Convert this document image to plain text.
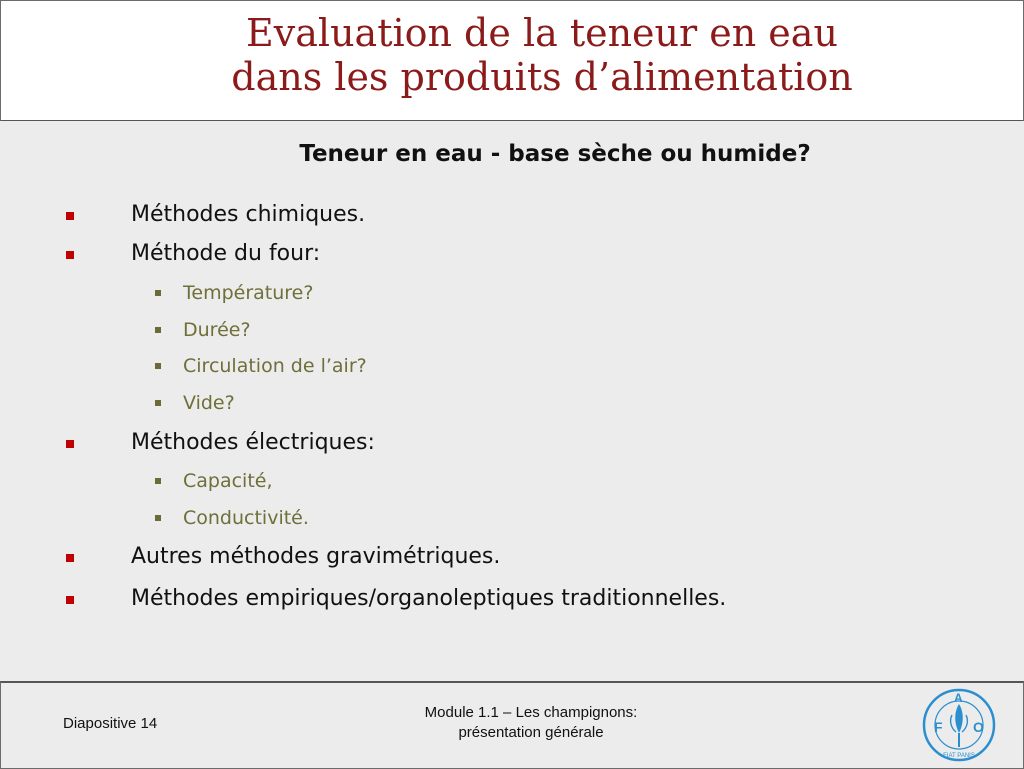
Evaluation de la teneur en eau
dans les produits d’alimentation
Teneur en eau - base sèche ou humide?
Méthodes chimiques.
Méthode du four:
Température?
Durée?
Circulation de l’air?
Vide?
Méthodes électriques:
Capacité,
Conductivité.
Autres méthodes gravimétriques.
Méthodes empiriques/organoleptiques traditionnelles.
Diapositive 14
Module 1.1 – Les champignons:
présentation générale	F
A
O
FIAT PANIS
